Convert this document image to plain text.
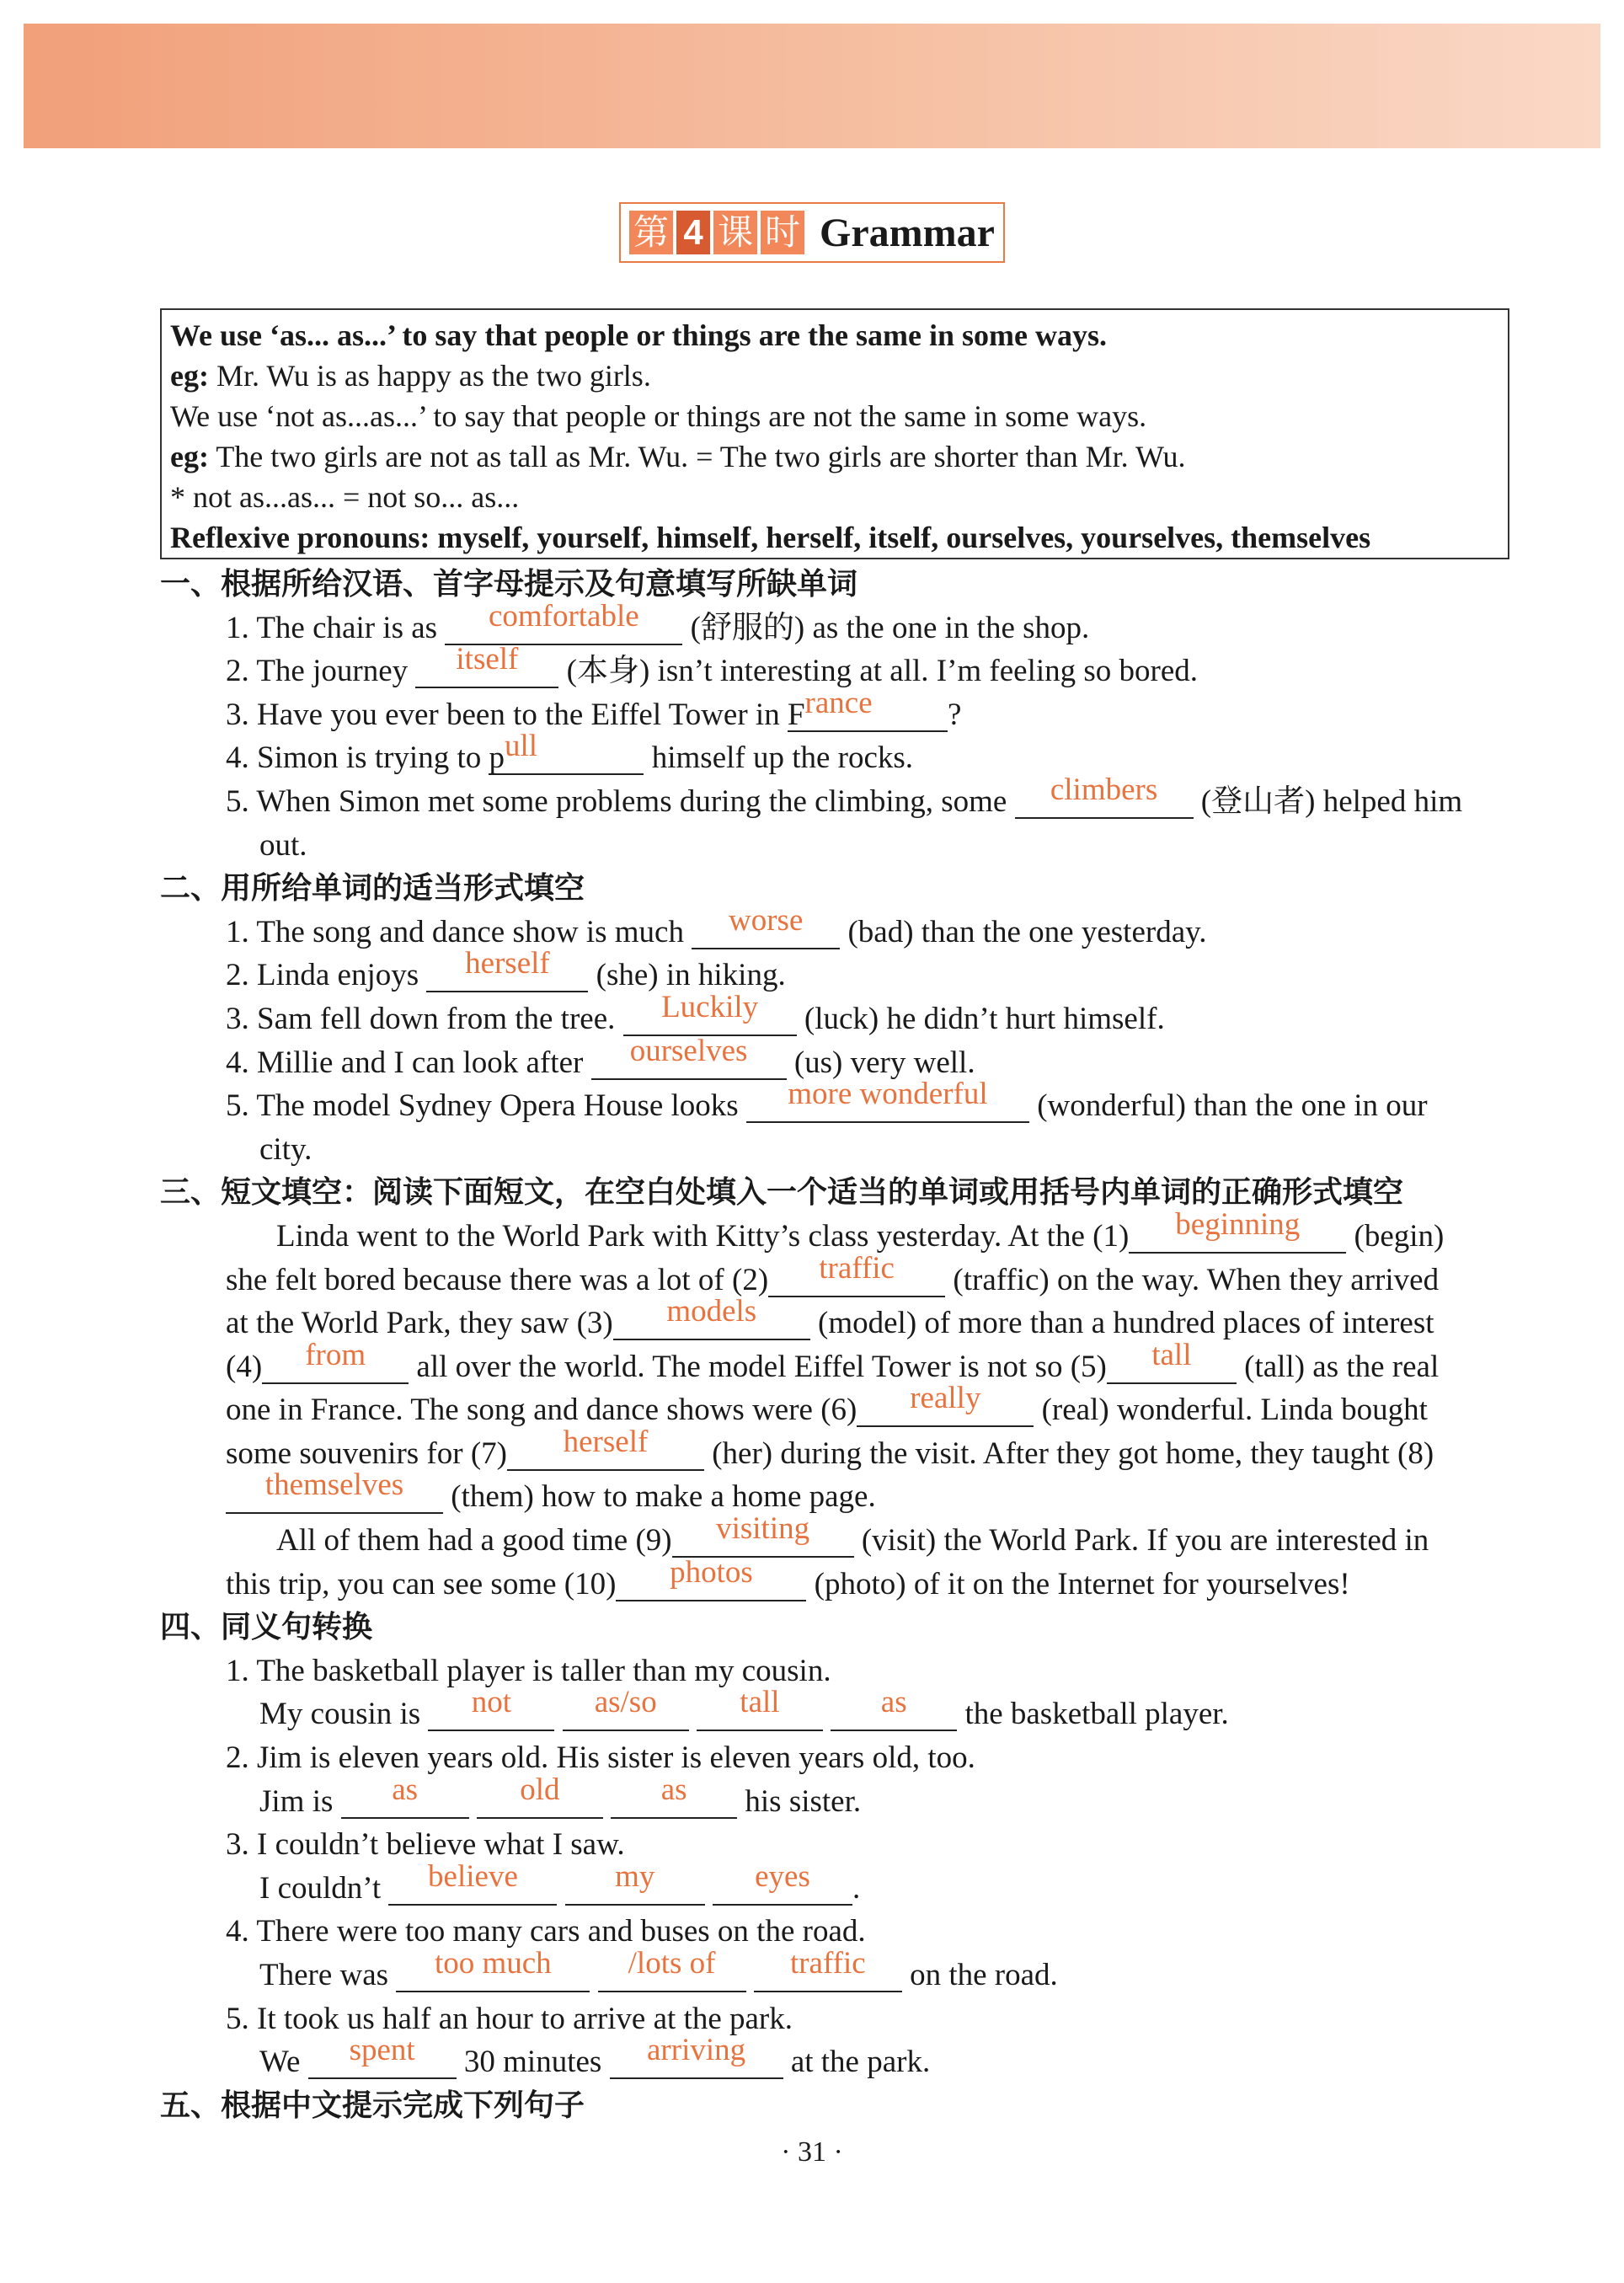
第 4 课 时 Grammar
We use ‘as... as...’ to say that people or things are the same in some ways.
eg: Mr. Wu is as happy as the two girls.
We use ‘not as...as...’ to say that people or things are not the same in some ways.
eg: The two girls are not as tall as Mr. Wu. = The two girls are shorter than Mr. Wu.
* not as...as... = not so... as...
Reflexive pronouns: myself, yourself, himself, herself, itself, ourselves, yourselves, themselves
一、根据所给汉语、首字母提示及句意填写所缺单词
1. The chair is as comfortable (舒服的) as the one in the shop.
2. The journey itself (本身) isn’t interesting at all. I’m feeling so bored.
3. Have you ever been to the Eiffel Tower in France ?
4. Simon is trying to pull	himself up the rocks.
5. When Simon met some problems during the climbing, some climbers (登山者) helped him
out.
二、用所给单词的适当形式填空
1. The song and dance show is much worse (bad) than the one yesterday.
2. Linda enjoys herself (she) in hiking.
3. Sam fell down from the tree. Luckily (luck) he didn’t hurt himself.
4. Millie and I can look after ourselves (us) very well.
5. The model Sydney Opera House looks more wonderful (wonderful) than the one in our
city.
三、短文填空：阅读下面短文，在空白处填入一个适当的单词或用括号内单词的正确形式填空
Linda went to the World Park with Kitty’s class yesterday. At the (1) beginning (begin)
she felt bored because there was a lot of (2) traffic (traffic) on the way. When they arrived
at the World Park, they saw (3) models (model) of more than a hundred places of interest
(4) from all over the world. The model Eiffel Tower is not so (5) tall (tall) as the real
one in France. The song and dance shows were (6) really (real) wonderful. Linda bought
some souvenirs for (7) herself (her) during the visit. After they got home, they taught (8)
themselves (them) how to make a home page.
All of them had a good time (9) visiting (visit) the World Park. If you are interested in
this trip, you can see some (10) photos (photo) of it on the Internet for yourselves!
四、同义句转换
1. The basketball player is taller than my cousin.
My cousin is not	as/so	tall	as the basketball player.
2. Jim is eleven years old. His sister is eleven years old, too.
Jim is as	old	as his sister.
3. I couldn’t believe what I saw.
I couldn’t believe	my	eyes .
4. There were too many cars and buses on the road.
There was too much /lots of traffic on the road.
5. It took us half an hour to arrive at the park.
We spent 30 minutes arriving at the park.
五、根据中文提示完成下列句子
· 31 ·
